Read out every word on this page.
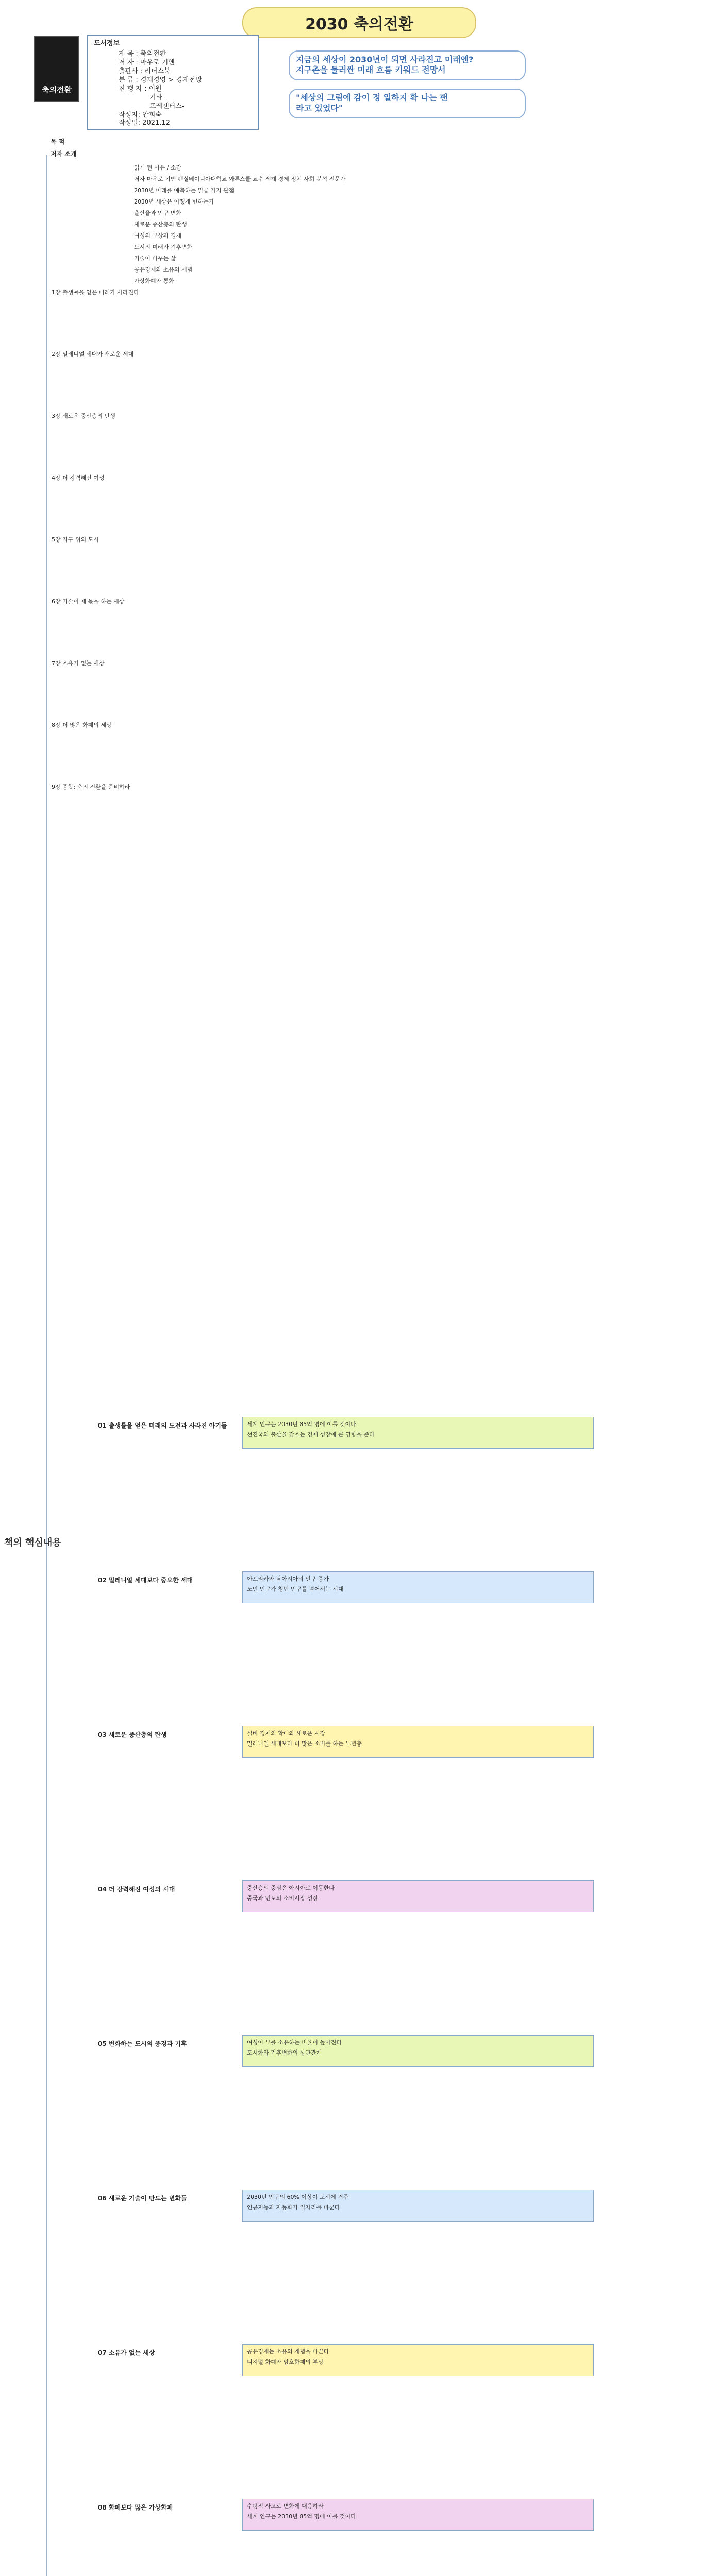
2030 축의전환
축의전환
도서정보
제 목 : 축의전환
저 자 : 마우로 기옌
출판사 : 리더스북
분 류 : 경제경영 > 경제전망
진 행 자 : 이원
기타
프레젠터스-
작성자: 안희숙
작성일: 2021.12
지금의 세상이 2030년이 되면 사라진고 미래엔?
지구촌을 둘러싼 미래 흐름 키워드 전망서
"세상의 그림에 감이 정 일하지 확 나는 팬
라고 있었다"
목 적
저자 소개
읽게 된 이유 / 소감
저자 마우로 기옌 펜실베이니아대학교 와튼스쿨 교수 세계 경제 정치 사회 분석 전문가
2030년 미래를 예측하는 일곱 가지 관점
2030년 세상은 어떻게 변하는가
출산율과 인구 변화
새로운 중산층의 탄생
여성의 부상과 경제
도시의 미래와 기후변화
기술이 바꾸는 삶
공유경제와 소유의 개념
가상화폐와 통화
1장 출생률을 얻은 미래가 사라진다
2장 밀레니얼 세대와 새로운 세대
3장 새로운 중산층의 탄생
4장 더 강력해진 여성
5장 지구 위의 도시
6장 기술이 제 몫을 하는 세상
7장 소유가 없는 세상
8장 더 많은 화폐의 세상
9장 종합: 축의 전환을 준비하라
책의 핵심내용
01 출생률을 얻은 미래의 도전과 사라진 아기들	세계 인구는 2030년 85억 명에 이를 것이다
선진국의 출산율 감소는 경제 성장에 큰 영향을 준다
02 밀레니얼 세대보다 중요한 세대	아프리카와 남아시아의 인구 증가
노인 인구가 청년 인구를 넘어서는 시대
03 새로운 중산층의 탄생	실버 경제의 확대와 새로운 시장
밀레니얼 세대보다 더 많은 소비를 하는 노년층
04 더 강력해진 여성의 시대	중산층의 중심은 아시아로 이동한다
중국과 인도의 소비시장 성장
05 변화하는 도시의 풍경과 기후	여성이 부를 소유하는 비율이 높아진다
도시화와 기후변화의 상관관계
06 새로운 기술이 만드는 변화들	2030년 인구의 60% 이상이 도시에 거주
인공지능과 자동화가 일자리를 바꾼다
07 소유가 없는 세상	공유경제는 소유의 개념을 바꾼다
디지털 화폐와 암호화폐의 부상
08 화폐보다 많은 가상화폐	수평적 사고로 변화에 대응하라
세계 인구는 2030년 85억 명에 이를 것이다
